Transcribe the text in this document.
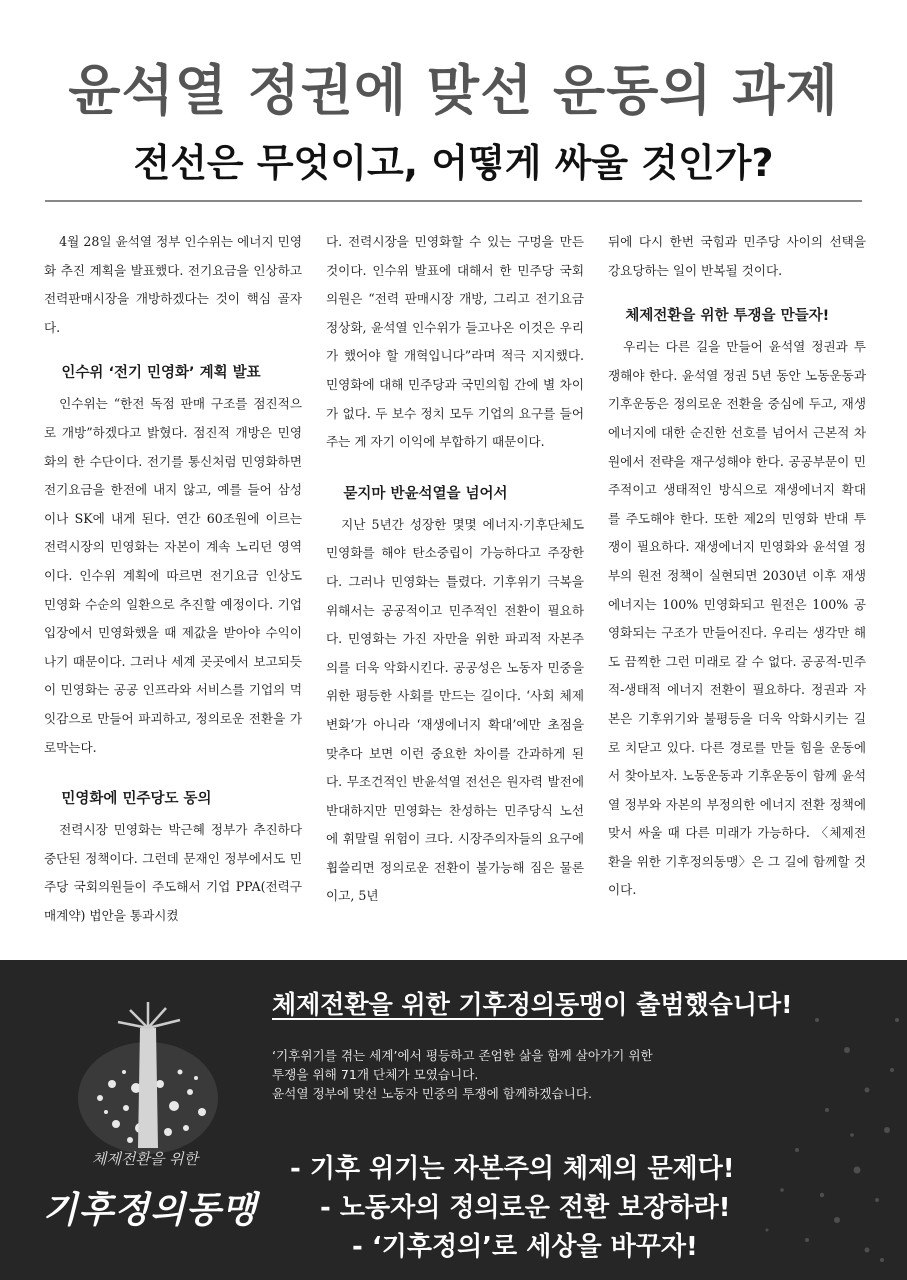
윤석열 정권에 맞선 운동의 과제
전선은 무엇이고, 어떻게 싸울 것인가?

4월 28일 윤석열 정부 인수위는 에너지 민영화 추진 계획을 발표했다. 전기요금을 인상하고 전력판매시장을 개방하겠다는 것이 핵심 골자다.

인수위 ‘전기 민영화’ 계획 발표

인수위는 “한전 독점 판매 구조를 점진적으로 개방”하겠다고 밝혔다. 점진적 개방은 민영화의 한 수단이다. 전기를 통신처럼 민영화하면 전기요금을 한전에 내지 않고, 예를 들어 삼성이나 SK에 내게 된다. 연간 60조원에 이르는 전력시장의 민영화는 자본이 계속 노리던 영역이다. 인수위 계획에 따르면 전기요금 인상도 민영화 수순의 일환으로 추진할 예정이다. 기업 입장에서 민영화했을 때 제값을 받아야 수익이 나기 때문이다. 그러나 세계 곳곳에서 보고되듯이 민영화는 공공 인프라와 서비스를 기업의 먹잇감으로 만들어 파괴하고, 정의로운 전환을 가로막는다.

민영화에 민주당도 동의

전력시장 민영화는 박근혜 정부가 추진하다 중단된 정책이다. 그런데 문재인 정부에서도 민주당 국회의원들이 주도해서 기업 PPA(전력구매계약) 법안을 통과시켰

다. 전력시장을 민영화할 수 있는 구멍을 만든 것이다. 인수위 발표에 대해서 한 민주당 국회의원은 “전력 판매시장 개방, 그리고 전기요금 정상화, 윤석열 인수위가 들고나온 이것은 우리가 했어야 할 개혁입니다”라며 적극 지지했다. 민영화에 대해 민주당과 국민의힘 간에 별 차이가 없다. 두 보수 정치 모두 기업의 요구를 들어주는 게 자기 이익에 부합하기 때문이다.

묻지마 반윤석열을 넘어서

지난 5년간 성장한 몇몇 에너지·기후단체도 민영화를 해야 탄소중립이 가능하다고 주장한다. 그러나 민영화는 틀렸다. 기후위기 극복을 위해서는 공공적이고 민주적인 전환이 필요하다. 민영화는 가진 자만을 위한 파괴적 자본주의를 더욱 악화시킨다. 공공성은 노동자 민중을 위한 평등한 사회를 만드는 길이다. ‘사회 체제 변화’가 아니라 ‘재생에너지 확대’에만 초점을 맞추다 보면 이런 중요한 차이를 간과하게 된다. 무조건적인 반윤석열 전선은 원자력 발전에 반대하지만 민영화는 찬성하는 민주당식 노선에 휘말릴 위험이 크다. 시장주의자들의 요구에 휩쓸리면 정의로운 전환이 불가능해 짐은 물론이고, 5년

뒤에 다시 한번 국힘과 민주당 사이의 선택을 강요당하는 일이 반복될 것이다.

체제전환을 위한 투쟁을 만들자!

우리는 다른 길을 만들어 윤석열 정권과 투쟁해야 한다. 윤석열 정권 5년 동안 노동운동과 기후운동은 정의로운 전환을 중심에 두고, 재생에너지에 대한 순진한 선호를 넘어서 근본적 차원에서 전략을 재구성해야 한다. 공공부문이 민주적이고 생태적인 방식으로 재생에너지 확대를 주도해야 한다. 또한 제2의 민영화 반대 투쟁이 필요하다. 재생에너지 민영화와 윤석열 정부의 원전 정책이 실현되면 2030년 이후 재생에너지는 100% 민영화되고 원전은 100% 공영화되는 구조가 만들어진다. 우리는 생각만 해도 끔찍한 그런 미래로 갈 수 없다. 공공적-민주적-생태적 에너지 전환이 필요하다. 정권과 자본은 기후위기와 불평등을 더욱 악화시키는 길로 치닫고 있다. 다른 경로를 만들 힘을 운동에서 찾아보자. 노동운동과 기후운동이 함께 윤석열 정부와 자본의 부정의한 에너지 전환 정책에 맞서 싸울 때 다른 미래가 가능하다. 〈체제전환을 위한 기후정의동맹〉은 그 길에 함께할 것이다.

체제전환을 위한
기후정의동맹
체제전환을 위한 기후정의동맹이 출범했습니다!
‘기후위기를 겪는 세계’에서 평등하고 존엄한 삶을 함께 살아가기 위한
투쟁을 위해 71개 단체가 모였습니다.
윤석열 정부에 맞선 노동자 민중의 투쟁에 함께하겠습니다.
- 기후 위기는 자본주의 체제의 문제다!
- 노동자의 정의로운 전환 보장하라!
- ‘기후정의’로 세상을 바꾸자!
